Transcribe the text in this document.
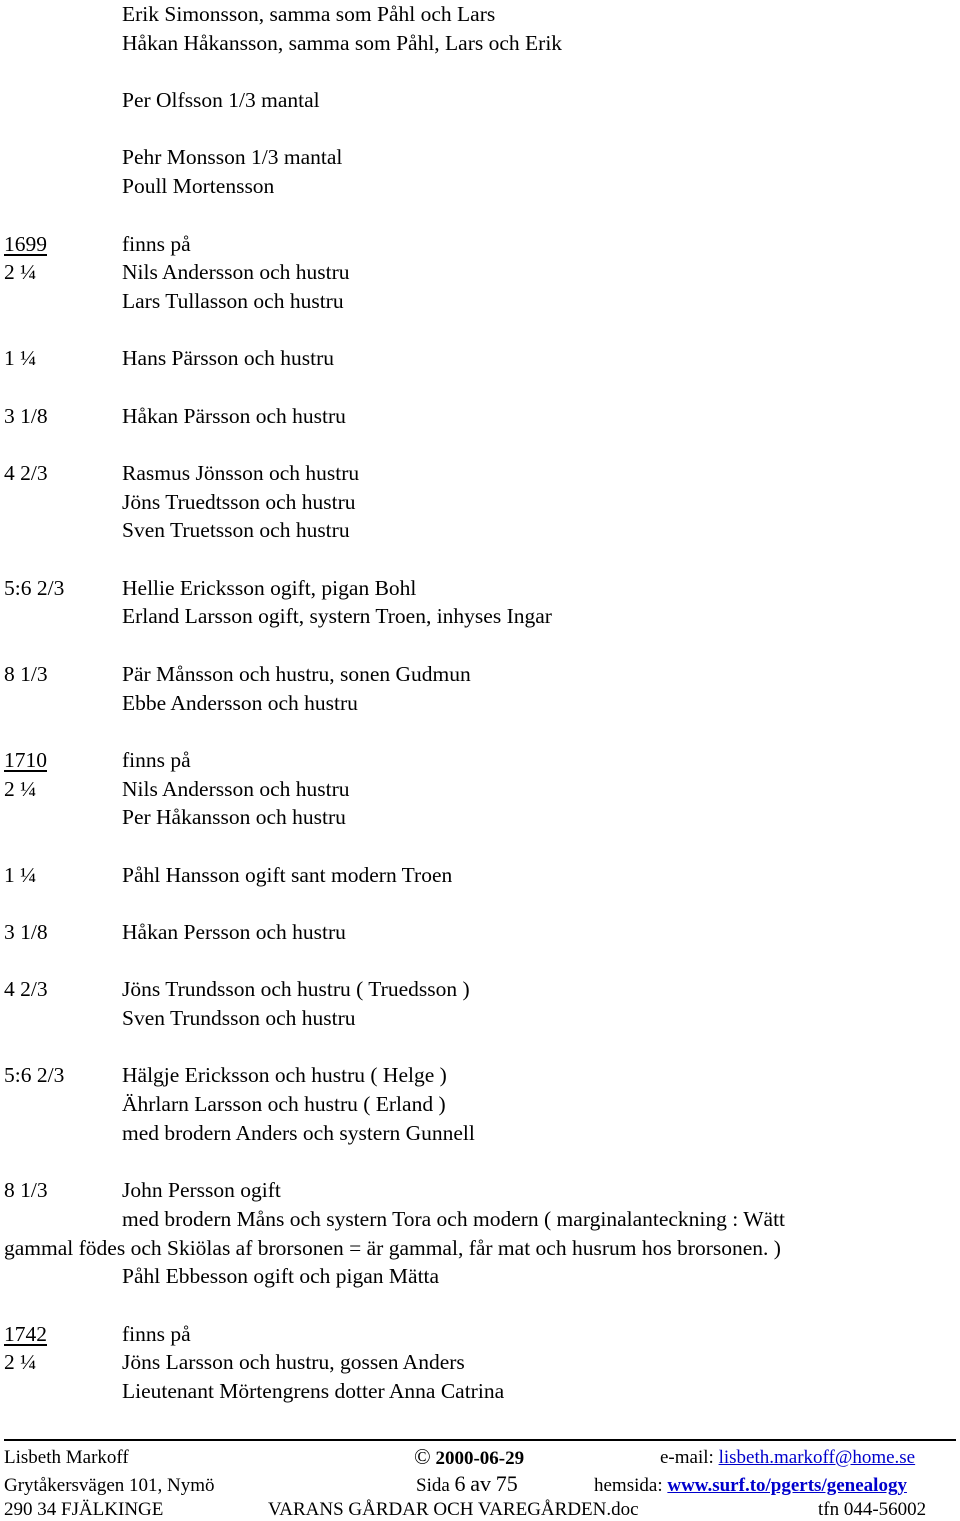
Erik Simonsson, samma som Påhl och Lars
Håkan Håkansson, samma som Påhl, Lars och Erik
Per Olfsson 1/3 mantal
Pehr Monsson 1/3 mantal
Poull Mortensson
1699	finns på
2 ¼	Nils Andersson och hustru
Lars Tullasson och hustru
1 ¼	Hans Pärsson och hustru
3 1/8	Håkan Pärsson och hustru
4 2/3	Rasmus Jönsson och hustru
Jöns Truedtsson och hustru
Sven Truetsson och hustru
5:6 2/3	Hellie Ericksson ogift, pigan Bohl
Erland Larsson ogift, systern Troen, inhyses Ingar
8 1/3	Pär Månsson och hustru, sonen Gudmun
Ebbe Andersson och hustru
1710	finns på
2 ¼	Nils Andersson och hustru
Per Håkansson och hustru
1 ¼	Påhl Hansson ogift sant modern Troen
3 1/8	Håkan Persson och hustru
4 2/3	Jöns Trundsson och hustru ( Truedsson )
Sven Trundsson och hustru
5:6 2/3	Hälgje Ericksson och hustru ( Helge )
Ährlarn Larsson och hustru ( Erland )
med brodern Anders och systern Gunnell
8 1/3	John Persson ogift
med brodern Måns och systern Tora och modern ( marginalanteckning : Wätt
gammal födes och Skiölas af brorsonen = är gammal, får mat och husrum hos brorsonen. )
Påhl Ebbesson ogift och pigan Mätta
1742	finns på
2 ¼	Jöns Larsson och hustru, gossen Anders
Lieutenant Mörtengrens dotter Anna Catrina
Lisbeth Markoff	© 2000-06-29	e-mail: lisbeth.markoff@home.se
Grytåkersvägen 101, Nymö	Sida 6 av 75	hemsida: www.surf.to/pgerts/genealogy
290 34 FJÄLKINGE	VARANS GÅRDAR OCH VAREGÅRDEN.doc	tfn 044-56002
